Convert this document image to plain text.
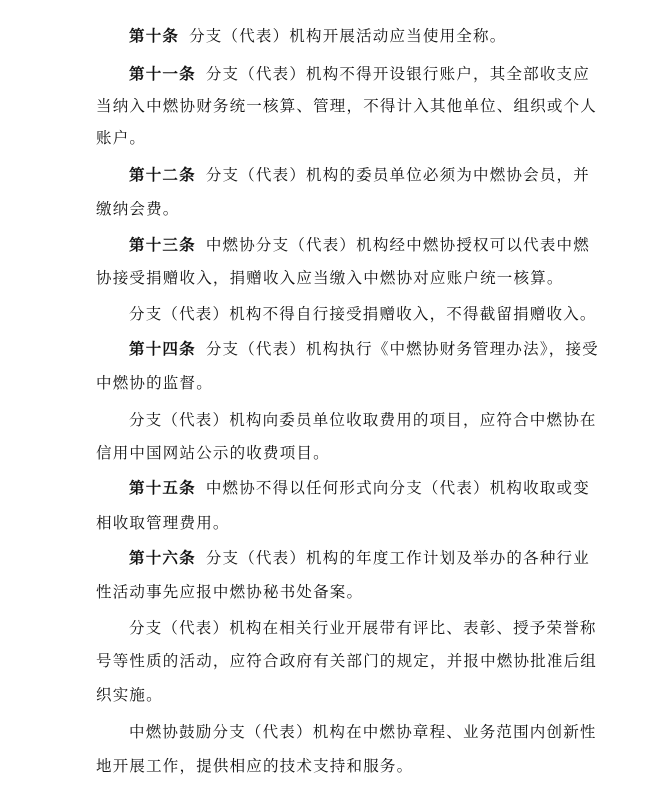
第十条 分支（代表）机构开展活动应当使用全称。
第十一条 分支（代表）机构不得开设银行账户，其全部收支应
当纳入中燃协财务统一核算、管理，不得计入其他单位、组织或个人
账户。
第十二条 分支（代表）机构的委员单位必须为中燃协会员，并
缴纳会费。
第十三条 中燃协分支（代表）机构经中燃协授权可以代表中燃
协接受捐赠收入，捐赠收入应当缴入中燃协对应账户统一核算。
分支（代表）机构不得自行接受捐赠收入，不得截留捐赠收入。
第十四条 分支（代表）机构执行《中燃协财务管理办法》，接受
中燃协的监督。
分支（代表）机构向委员单位收取费用的项目，应符合中燃协在
信用中国网站公示的收费项目。
第十五条 中燃协不得以任何形式向分支（代表）机构收取或变
相收取管理费用。
第十六条 分支（代表）机构的年度工作计划及举办的各种行业
性活动事先应报中燃协秘书处备案。
分支（代表）机构在相关行业开展带有评比、表彰、授予荣誉称
号等性质的活动，应符合政府有关部门的规定，并报中燃协批准后组
织实施。
中燃协鼓励分支（代表）机构在中燃协章程、业务范围内创新性
地开展工作，提供相应的技术支持和服务。
